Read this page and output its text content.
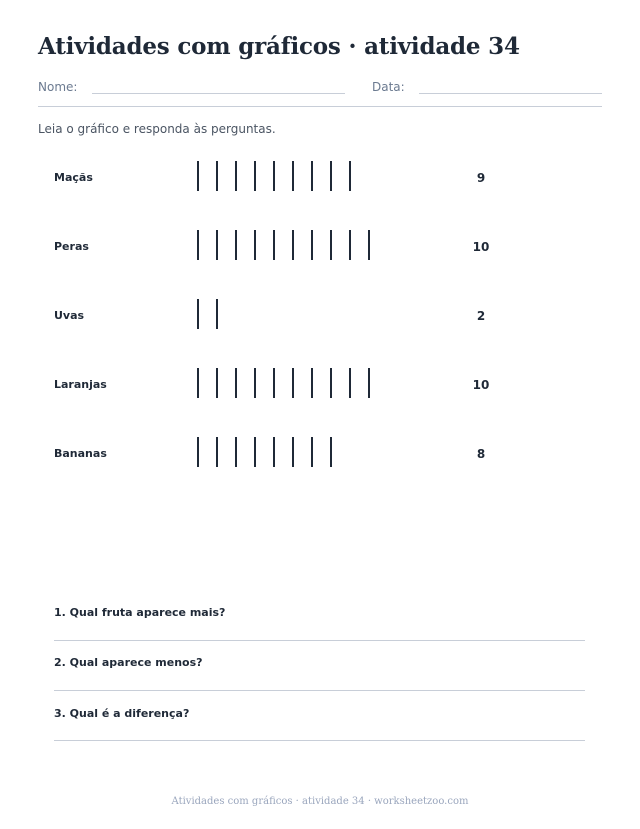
Atividades com gráficos · atividade 34
Nome:	Data:
Leia o gráfico e responda às perguntas.
Maçãs	9
Peras	10
Uvas	2
Laranjas	10
Bananas	8
1. Qual fruta aparece mais?
2. Qual aparece menos?
3. Qual é a diferença?
Atividades com gráficos · atividade 34 · worksheetzoo.com
